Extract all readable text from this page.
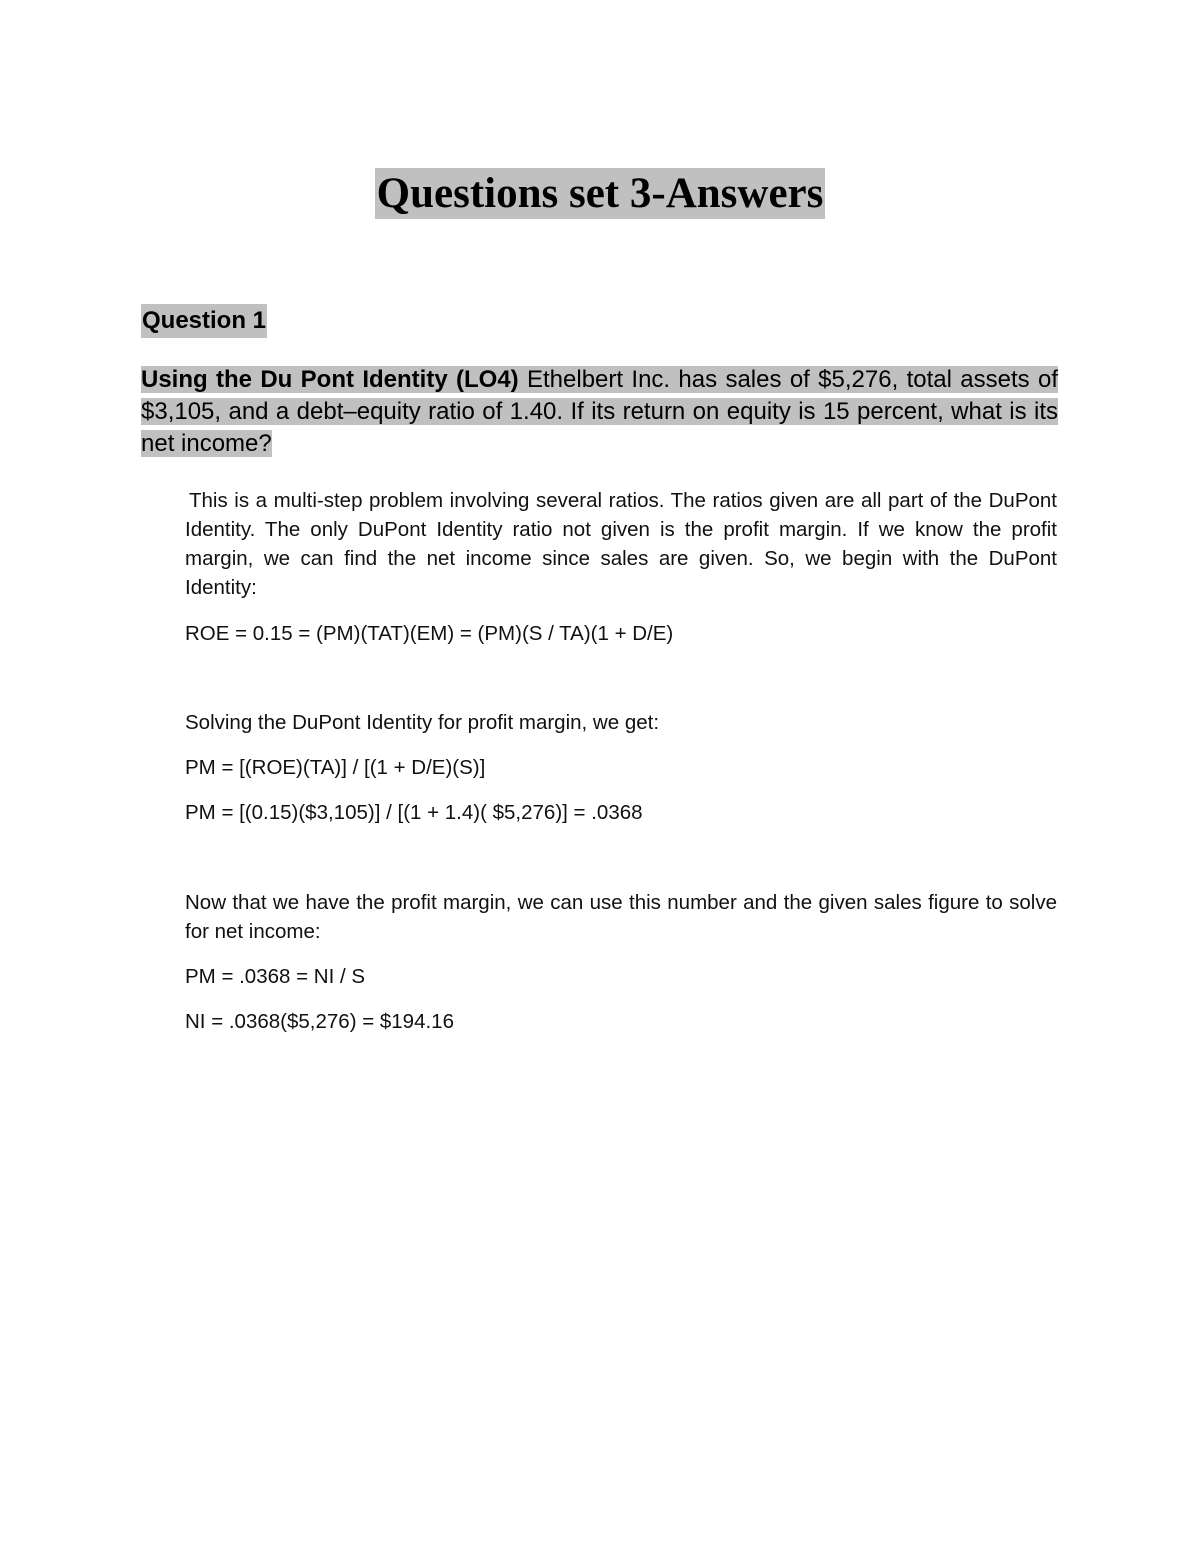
Questions set 3-Answers
Question 1
Using the Du Pont Identity (LO4) Ethelbert Inc. has sales of $5,276, total assets of $3,105, and a debt–equity ratio of 1.40. If its return on equity is 15 percent, what is its net income?
This is a multi-step problem involving several ratios. The ratios given are all part of the DuPont Identity. The only DuPont Identity ratio not given is the profit margin. If we know the profit margin, we can find the net income since sales are given. So, we begin with the DuPont Identity:
ROE = 0.15 = (PM)(TAT)(EM) = (PM)(S / TA)(1 + D/E)
Solving the DuPont Identity for profit margin, we get:
PM = [(ROE)(TA)] / [(1 + D/E)(S)]
PM = [(0.15)($3,105)] / [(1 + 1.4)( $5,276)] = .0368
Now that we have the profit margin, we can use this number and the given sales figure to solve for net income:
PM = .0368 = NI / S
NI = .0368($5,276) = $194.16
